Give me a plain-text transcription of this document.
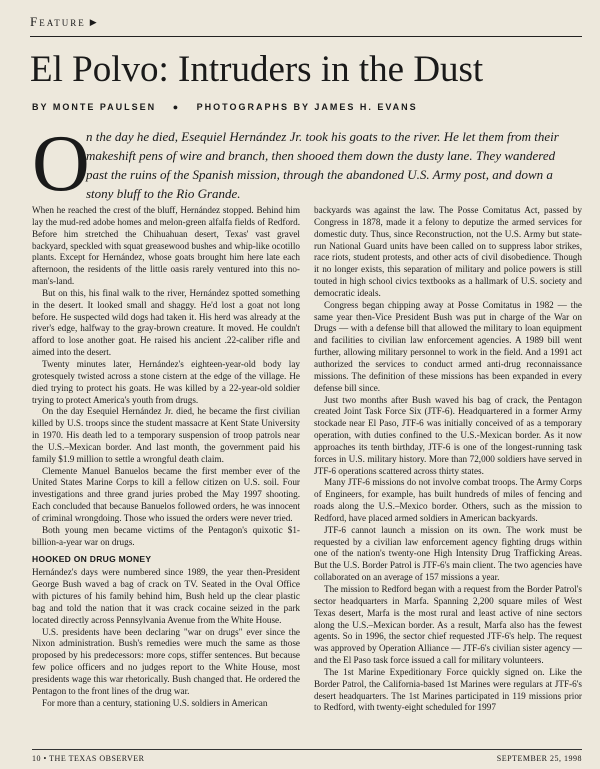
Feature ▶
El Polvo: Intruders in the Dust
BY MONTE PAULSEN ● PHOTOGRAPHS BY JAMES H. EVANS
O
n the day he died, Esequiel Hernández Jr. took his goats to the river. He let them from their makeshift pens of wire and branch, then shooed them down the dusty lane. They wandered past the ruins of the Spanish mission, through the abandoned U.S. Army post, and down a stony bluff to the Rio Grande.

When he reached the crest of the bluff, Hernández stopped. Behind him lay the mud-red adobe homes and melon-green alfalfa fields of Redford. Before him stretched the Chihuahuan desert, Texas' vast gravel backyard, speckled with squat greasewood bushes and whip-like ocotillo plants. Except for Hernández, whose goats brought him here late each afternoon, the residents of the little oasis rarely ventured into this no-man's-land.

But on this, his final walk to the river, Hernández spotted something in the desert. It looked small and shaggy. He'd lost a goat not long before. He suspected wild dogs had taken it. His herd was already at the river's edge, halfway to the gray-brown creature. It moved. He couldn't afford to lose another goat. He raised his ancient .22-caliber rifle and aimed into the desert.

Twenty minutes later, Hernández's eighteen-year-old body lay grotesquely twisted across a stone cistern at the edge of the village. He died trying to protect his goats. He was killed by a 22-year-old soldier trying to protect America's youth from drugs.

On the day Esequiel Hernández Jr. died, he became the first civilian killed by U.S. troops since the student massacre at Kent State University in 1970. His death led to a temporary suspension of troop patrols near the U.S.–Mexican border. And last month, the government paid his family $1.9 million to settle a wrongful death claim.

Clemente Manuel Banuelos became the first member ever of the United States Marine Corps to kill a fellow citizen on U.S. soil. Four investigations and three grand juries probed the May 1997 shooting. Each concluded that because Banuelos followed orders, he was innocent of criminal wrongdoing. Those who issued the orders were never tried.

Both young men became victims of the Pentagon's quixotic $1-billion-a-year war on drugs.

HOOKED ON DRUG MONEY

Hernández's days were numbered since 1989, the year then-President George Bush waved a bag of crack on TV. Seated in the Oval Office with pictures of his family behind him, Bush held up the clear plastic bag and told the nation that it was crack cocaine seized in the park located directly across Pennsylvania Avenue from the White House.

U.S. presidents have been declaring "war on drugs" ever since the Nixon administration. Bush's remedies were much the same as those proposed by his predecessors: more cops, stiffer sentences. But because few police officers and no judges report to the White House, most presidents wage this war rhetorically. Bush changed that. He ordered the Pentagon to the front lines of the drug war.

For more than a century, stationing U.S. soldiers in American

backyards was against the law. The Posse Comitatus Act, passed by Congress in 1878, made it a felony to deputize the armed services for domestic duty. Thus, since Reconstruction, not the U.S. Army but state-run National Guard units have been called on to suppress labor strikes, race riots, student protests, and other acts of civil disobedience. Though it no longer exists, this separation of military and police powers is still touted in high school civics textbooks as a hallmark of U.S. society and democratic ideals.

Congress began chipping away at Posse Comitatus in 1982 — the same year then-Vice President Bush was put in charge of the War on Drugs — with a defense bill that allowed the military to loan equipment and facilities to civilian law enforcement agencies. A 1989 bill went further, allowing military personnel to work in the field. And a 1991 act authorized the services to conduct armed anti-drug reconnaissance missions. The definition of these missions has been expanded in every defense bill since.

Just two months after Bush waved his bag of crack, the Pentagon created Joint Task Force Six (JTF-6). Headquartered in a former Army stockade near El Paso, JTF-6 was initially conceived of as a temporary operation, with duties confined to the U.S.-Mexican border. As it now approaches its tenth birthday, JTF-6 is one of the longest-running task forces in U.S. military history. More than 72,000 soldiers have served in JTF-6 operations scattered across thirty states.

Many JTF-6 missions do not involve combat troops. The Army Corps of Engineers, for example, has built hundreds of miles of fencing and roads along the U.S.–Mexico border. Others, such as the mission to Redford, have placed armed soldiers in American backyards.

JTF-6 cannot launch a mission on its own. The work must be requested by a civilian law enforcement agency fighting drugs within one of the nation's twenty-one High Intensity Drug Trafficking Areas. But the U.S. Border Patrol is JTF-6's main client. The two agencies have collaborated on an average of 157 missions a year.

The mission to Redford began with a request from the Border Patrol's sector headquarters in Marfa. Spanning 2,200 square miles of West Texas desert, Marfa is the most rural and least active of nine sectors along the U.S.–Mexican border. As a result, Marfa also has the fewest agents. So in 1996, the sector chief requested JTF-6's help. The request was approved by Operation Alliance — JTF-6's civilian sister agency — and the El Paso task force issued a call for military volunteers.

The 1st Marine Expeditionary Force quickly signed on. Like the Border Patrol, the California-based 1st Marines were regulars at JTF-6's desert headquarters. The 1st Marines participated in 119 missions prior to Redford, with twenty-eight scheduled for 1997

10 • THE TEXAS OBSERVER	SEPTEMBER 25, 1998
